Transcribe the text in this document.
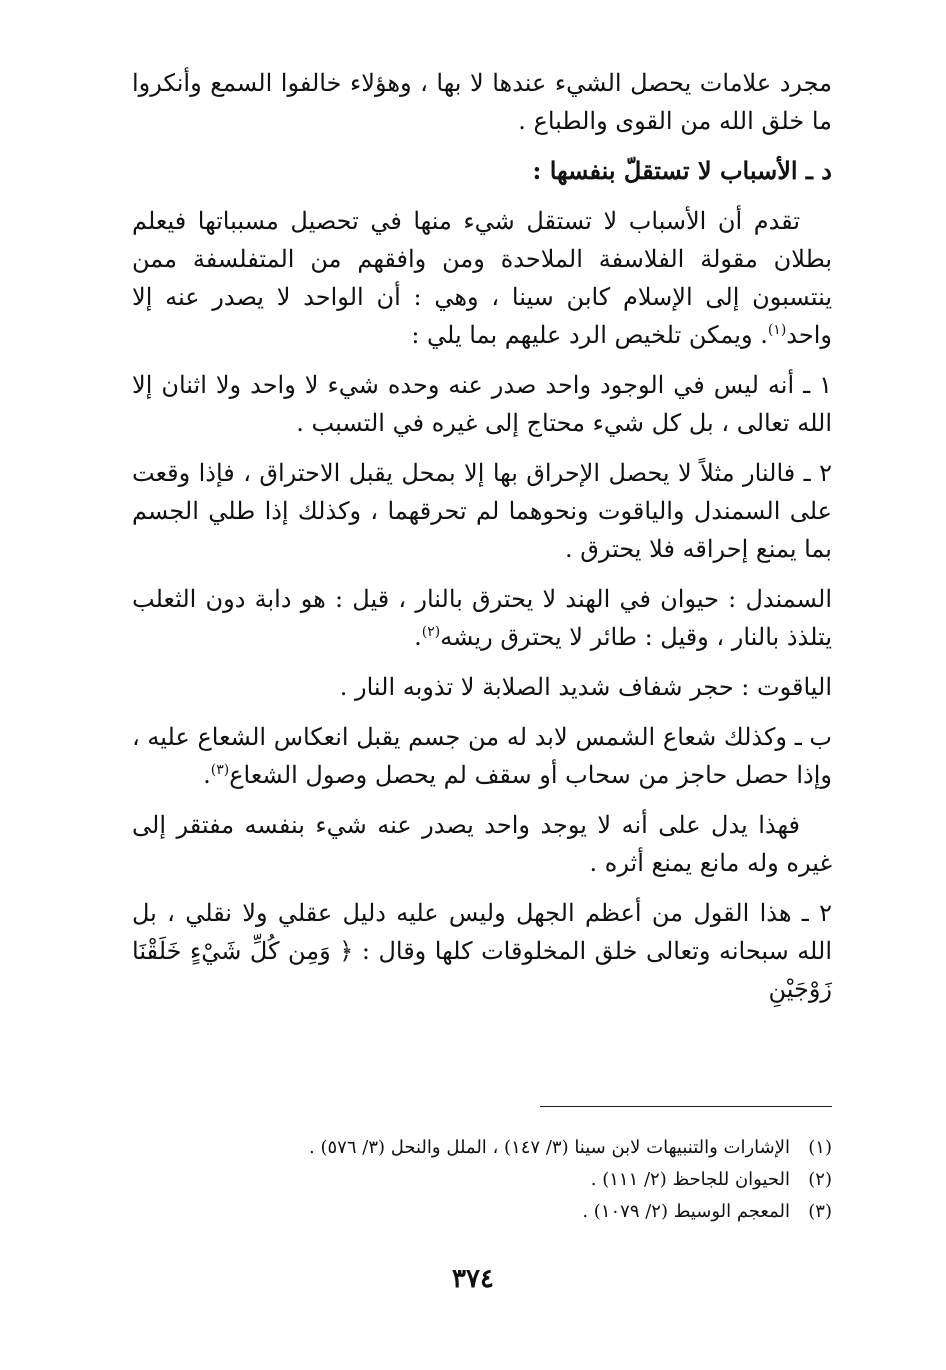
مجرد علامات يحصل الشيء عندها لا بها ، وهؤلاء خالفوا السمع وأنكروا ما خلق الله من القوى والطباع .

د ـ الأسباب لا تستقلّ بنفسها :

تقدم أن الأسباب لا تستقل شيء منها في تحصيل مسبباتها فيعلم بطلان مقولة الفلاسفة الملاحدة ومن وافقهم من المتفلسفة ممن ينتسبون إلى الإسلام كابن سينا ، وهي : أن الواحد لا يصدر عنه إلا واحد$^{(١)}$. ويمكن تلخيص الرد عليهم بما يلي :

١ ـ أنه ليس في الوجود واحد صدر عنه وحده شيء لا واحد ولا اثنان إلا الله تعالى ، بل كل شيء محتاج إلى غيره في التسبب .

٢ ـ فالنار مثلاً لا يحصل الإحراق بها إلا بمحل يقبل الاحتراق ، فإذا وقعت على السمندل والياقوت ونحوهما لم تحرقهما ، وكذلك إذا طلي الجسم بما يمنع إحراقه فلا يحترق .

السمندل : حيوان في الهند لا يحترق بالنار ، قيل : هو دابة دون الثعلب يتلذذ بالنار ، وقيل : طائر لا يحترق ريشه$^{(٢)}$.

الياقوت : حجر شفاف شديد الصلابة لا تذوبه النار .

ب ـ وكذلك شعاع الشمس لابد له من جسم يقبل انعكاس الشعاع عليه ، وإذا حصل حاجز من سحاب أو سقف لم يحصل وصول الشعاع$^{(٣)}$.

فهذا يدل على أنه لا يوجد واحد يصدر عنه شيء بنفسه مفتقر إلى غيره وله مانع يمنع أثره .

٢ ـ هذا القول من أعظم الجهل وليس عليه دليل عقلي ولا نقلي ، بل الله سبحانه وتعالى خلق المخلوقات كلها وقال : ﴿ وَمِن كُلِّ شَيْءٍ خَلَقْنَا زَوْجَيْنِ

(١)
الإشارات والتنبيهات لابن سينا (٣/ ١٤٧) ، الملل والنحل (٣/ ٥٧٦) .
(٢)
الحيوان للجاحظ (٢/ ١١١) .
(٣)
المعجم الوسيط (٢/ ١٠٧٩) .
٣٧٤
